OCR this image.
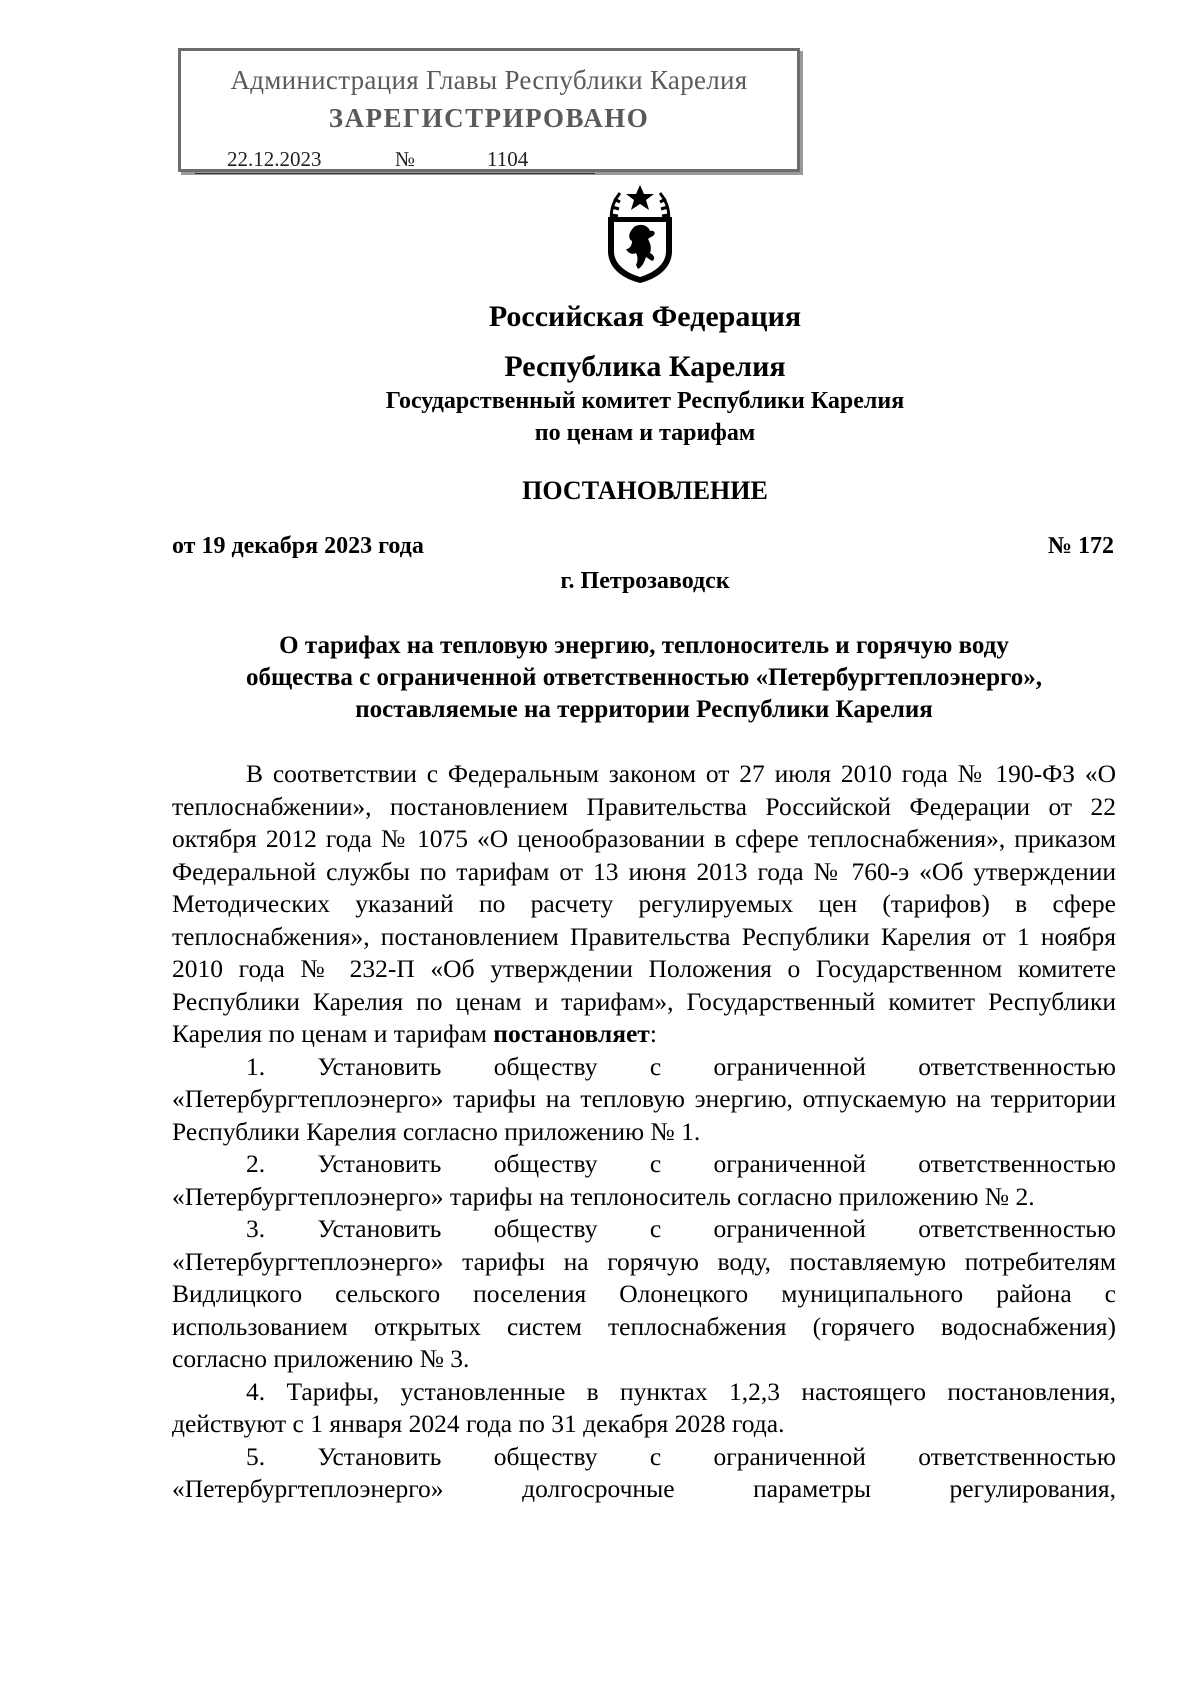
Администрация Главы Республики Карелия
ЗАРЕГИСТРИРОВАНО
22.12.2023	№	1104
Российская Федерация
Республика Карелия
Государственный комитет Республики Карелия
по ценам и тарифам
ПОСТАНОВЛЕНИЕ
от 19 декабря 2023 года	№ 172
г. Петрозаводск
О тарифах на тепловую энергию, теплоноситель и горячую воду
общества с ограниченной ответственностью «Петербургтеплоэнерго»,
поставляемые на территории Республики Карелия

В соответствии с Федеральным законом от 27 июля 2010 года № 190-ФЗ «О теплоснабжении», постановлением Правительства Российской Федерации от 22 октября 2012 года № 1075 «О ценообразовании в сфере теплоснабжения», приказом Федеральной службы по тарифам от 13 июня 2013 года № 760-э «Об утверждении Методических указаний по расчету регулируемых цен (тарифов) в сфере теплоснабжения», постановлением Правительства Республики Карелия от 1 ноября 2010 года № 232-П «Об утверждении Положения о Государственном комитете Республики Карелия по ценам и тарифам», Государственный комитет Республики Карелия по ценам и тарифам постановляет:

1. Установить обществу с ограниченной ответственностью «Петербургтеплоэнерго» тарифы на тепловую энергию, отпускаемую на территории Республики Карелия согласно приложению № 1.

2. Установить обществу с ограниченной ответственностью «Петербургтеплоэнерго» тарифы на теплоноситель согласно приложению № 2.

3. Установить обществу с ограниченной ответственностью «Петербургтеплоэнерго» тарифы на горячую воду, поставляемую потребителям Видлицкого сельского поселения Олонецкого муниципального района с использованием открытых систем теплоснабжения (горячего водоснабжения) согласно приложению № 3.

4. Тарифы, установленные в пунктах 1,2,3 настоящего постановления, действуют с 1 января 2024 года по 31 декабря 2028 года.

5. Установить обществу с ограниченной ответственностью «Петербургтеплоэнерго» долгосрочные параметры регулирования,
